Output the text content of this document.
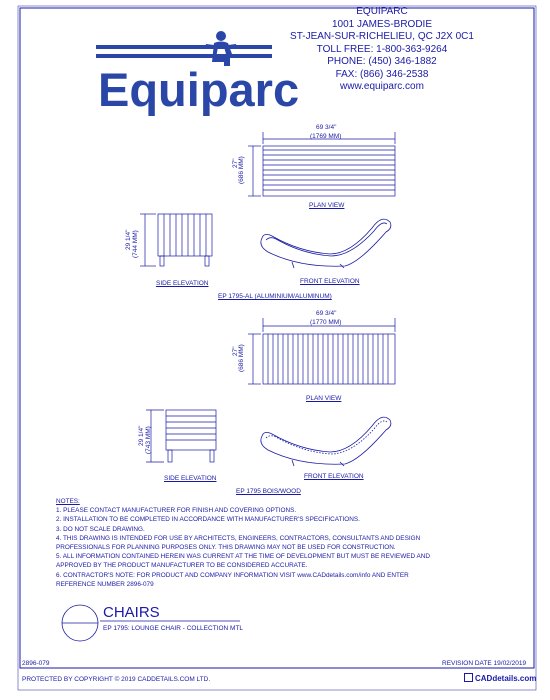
Equiparc
EQUIPARC
1001 JAMES-BRODIE
ST-JEAN-SUR-RICHELIEU, QC J2X 0C1
TOLL FREE: 1-800-363-9264
PHONE: (450) 346-1882
FAX: (866) 346-2538
www.equiparc.com
69 3/4"
(1769 MM)
27" (686 MM)
PLAN VIEW
29 1/4" (744 MM)
SIDE ELEVATION	FRONT ELEVATION
EP 1795-AL (ALUMINIUM/ALUMINUM)
69 3/4"
(1770 MM)
27" (686 MM)
PLAN VIEW
29 1/4" (743 MM)
SIDE ELEVATION	FRONT ELEVATION
EP 1795 BOIS/WOOD
NOTES:
1. PLEASE CONTACT MANUFACTURER FOR FINISH AND COVERING OPTIONS.
2. INSTALLATION TO BE COMPLETED IN ACCORDANCE WITH MANUFACTURER'S SPECIFICATIONS.
3. DO NOT SCALE DRAWING.
4. THIS DRAWING IS INTENDED FOR USE BY ARCHITECTS, ENGINEERS, CONTRACTORS, CONSULTANTS AND DESIGN
PROFESSIONALS FOR PLANNING PURPOSES ONLY. THIS DRAWING MAY NOT BE USED FOR CONSTRUCTION.
5. ALL INFORMATION CONTAINED HEREIN WAS CURRENT AT THE TIME OF DEVELOPMENT BUT MUST BE REVIEWED AND
APPROVED BY THE PRODUCT MANUFACTURER TO BE CONSIDERED ACCURATE.
6. CONTRACTOR'S NOTE: FOR PRODUCT AND COMPANY INFORMATION VISIT www.CADdetails.com/info AND ENTER
REFERENCE NUMBER 2896-079
CHAIRS
EP 1795: LOUNGE CHAIR - COLLECTION MTL
2896-079	REVISION DATE 19/02/2019
PROTECTED BY COPYRIGHT © 2019 CADDETAILS.COM LTD.	CADdetails.com
